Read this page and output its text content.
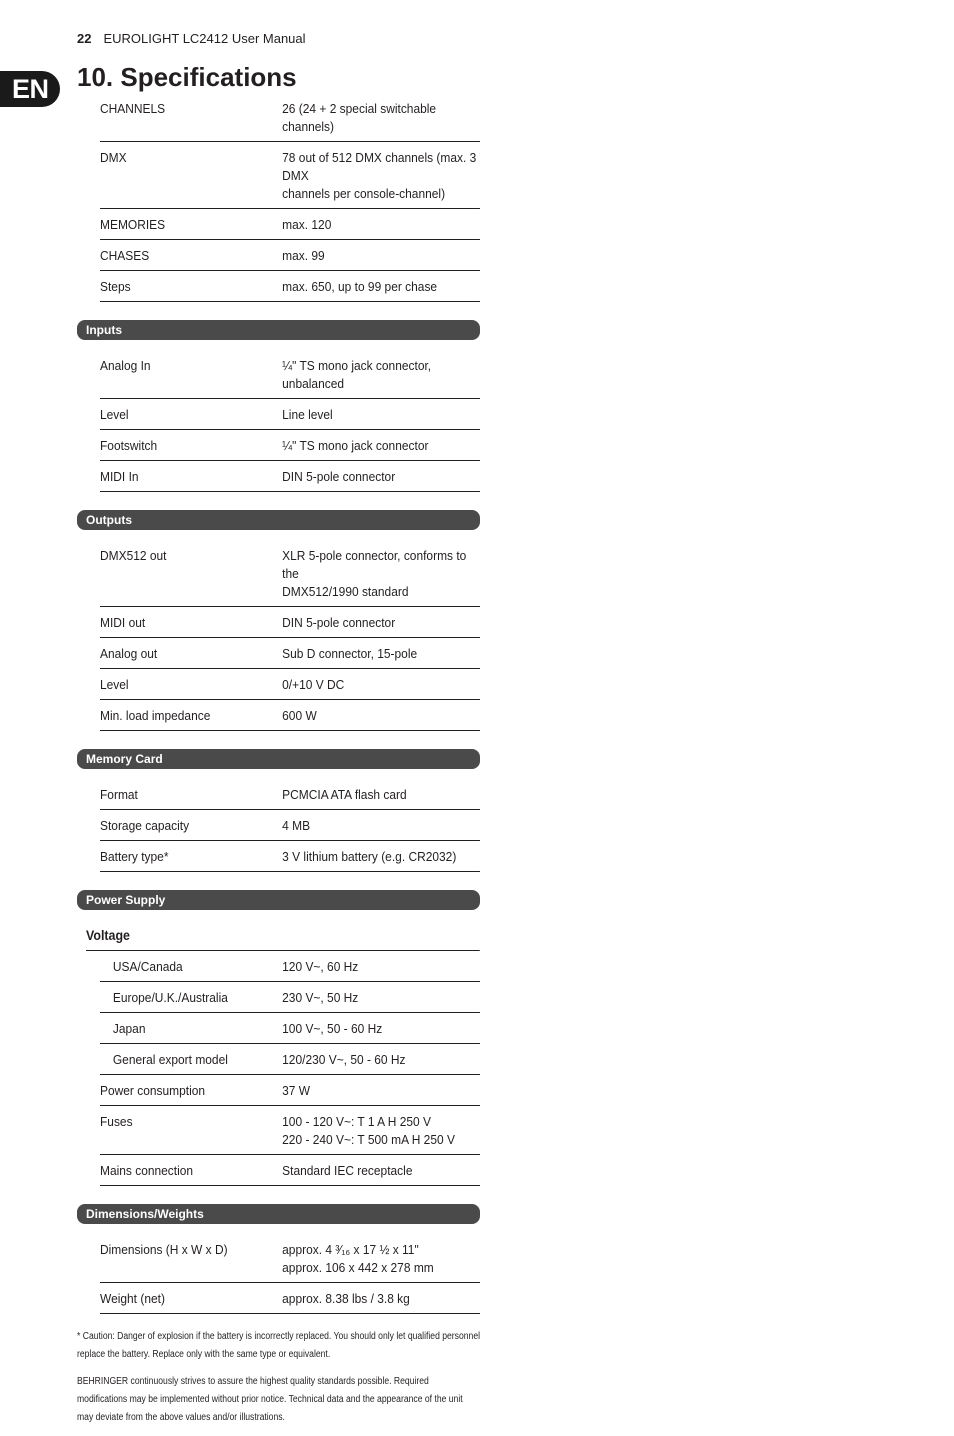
22 EUROLIGHT LC2412 User Manual
EN	10. Specifications
CHANNELS	26 (24 + 2 special switchable channels)
DMX	78 out of 512 DMX channels (max. 3 DMX
channels per console-channel)
MEMORIES	max. 120
CHASES	max. 99
Steps	max. 650, up to 99 per chase
Inputs
Analog In	¼" TS mono jack connector, unbalanced
Level	Line level
Footswitch	¼" TS mono jack connector
MIDI In	DIN 5-pole connector
Outputs
DMX512 out	XLR 5-pole connector, conforms to the
DMX512/1990 standard
MIDI out	DIN 5-pole connector
Analog out	Sub D connector, 15-pole
Level	0/+10 V DC
Min. load impedance	600 W
Memory Card
Format	PCMCIA ATA flash card
Storage capacity	4 MB
Battery type*	3 V lithium battery (e.g. CR2032)
Power Supply
Voltage
USA/Canada	120 V~, 60 Hz
Europe/U.K./Australia	230 V~, 50 Hz
Japan	100 V~, 50 - 60 Hz
General export model	120/230 V~, 50 - 60 Hz
Power consumption	37 W
Fuses	100 - 120 V~: T 1 A H 250 V
220 - 240 V~: T 500 mA H 250 V
Mains connection	Standard IEC receptacle
Dimensions/Weights
Dimensions (H x W x D)	approx. 4 ³⁄₁₆ x 17 ½ x 11"
approx. 106 x 442 x 278 mm
Weight (net)	approx. 8.38 lbs / 3.8 kg

* Caution: Danger of explosion if the battery is incorrectly replaced. You should only let qualified personnel replace the battery. Replace only with the same type or equivalent.

BEHRINGER continuously strives to assure the highest quality standards possible. Required modifications may be implemented without prior notice. Technical data and the appearance of the unit may deviate from the above values and/or illustrations.
